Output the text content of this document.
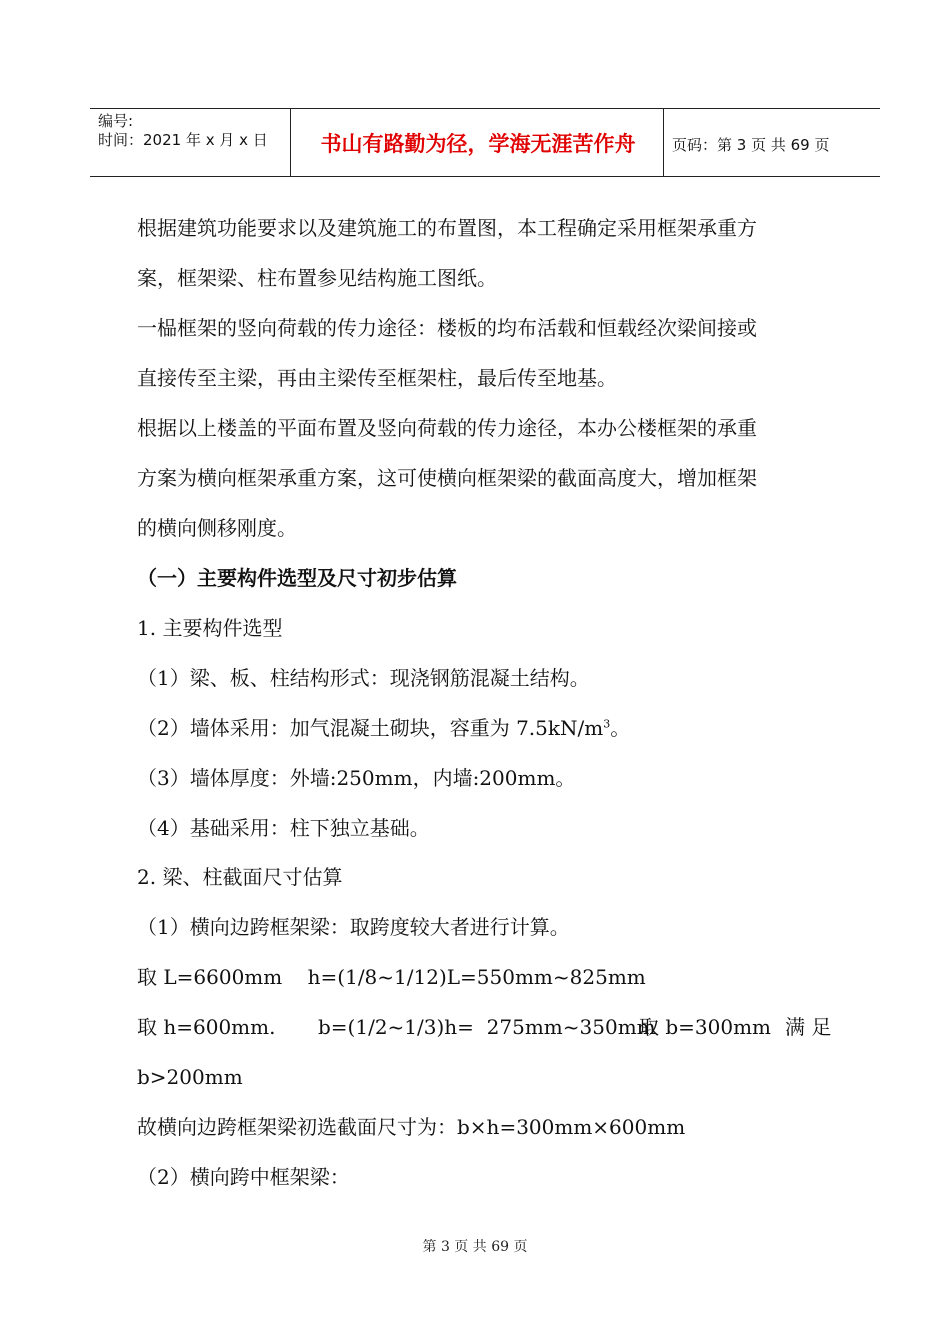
编号:
时间：2021 年 x 月 x 日	书山有路勤为径，学海无涯苦作舟	页码：第 3 页 共 69 页
根据建筑功能要求以及建筑施工的布置图，本工程确定采用框架承重方
案，框架梁、柱布置参见结构施工图纸。
一榀框架的竖向荷载的传力途径：楼板的均布活载和恒载经次梁间接或
直接传至主梁，再由主梁传至框架柱，最后传至地基。
根据以上楼盖的平面布置及竖向荷载的传力途径，本办公楼框架的承重
方案为横向框架承重方案，这可使横向框架梁的截面高度大，增加框架
的横向侧移刚度。
（一）主要构件选型及尺寸初步估算
1. 主要构件选型
（1）梁、板、柱结构形式：现浇钢筋混凝土结构。
（2）墙体采用：加气混凝土砌块，容重为 $7.5kN/m^3$。
（3）墙体厚度：外墙:250mm，内墙:200mm。
（4）基础采用：柱下独立基础。
2. 梁、柱截面尺寸估算
（1）横向边跨框架梁：取跨度较大者进行计算。
取 L=6600mm    h=(1/8~1/12)L=550mm~825mm
取 h=600mm. b=(1/2~1/3)h=  275mm~350mm
取 b=300mm 满 足
b>200mm
故横向边跨框架梁初选截面尺寸为：b×h=300mm×600mm
（2）横向跨中框架梁：
第 3 页 共 69 页
